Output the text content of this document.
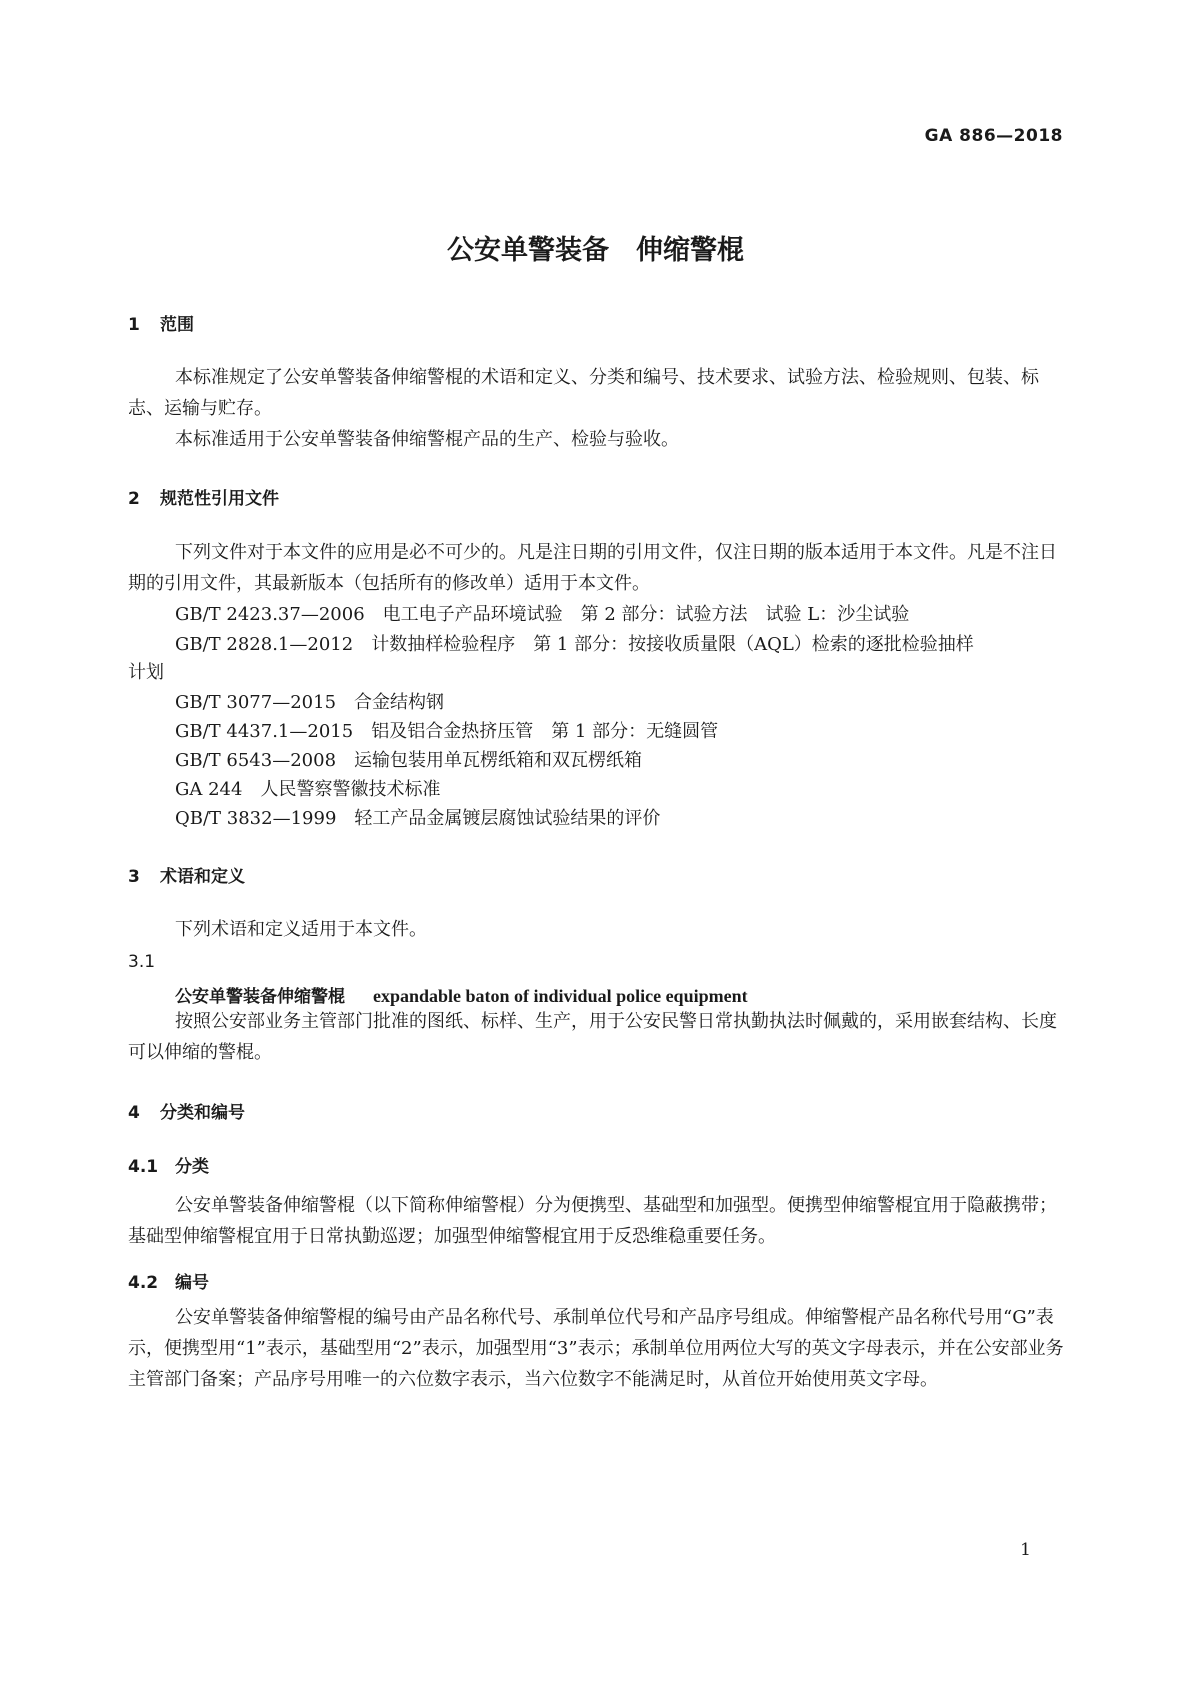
GA 886—2018
公安单警装备　伸缩警棍
1 范围
本标准规定了公安单警装备伸缩警棍的术语和定义、分类和编号、技术要求、试验方法、检验规则、包装、标志、运输与贮存。
本标准适用于公安单警装备伸缩警棍产品的生产、检验与验收。
2 规范性引用文件
下列文件对于本文件的应用是必不可少的。凡是注日期的引用文件，仅注日期的版本适用于本文件。凡是不注日期的引用文件，其最新版本（包括所有的修改单）适用于本文件。
GB/T 2423.37—2006 电工电子产品环境试验　第 2 部分：试验方法　试验 L：沙尘试验
GB/T 2828.1—2012 计数抽样检验程序　第 1 部分：按接收质量限（AQL）检索的逐批检验抽样
计划
GB/T 3077—2015 合金结构钢
GB/T 4437.1—2015 铝及铝合金热挤压管　第 1 部分：无缝圆管
GB/T 6543—2008 运输包装用单瓦楞纸箱和双瓦楞纸箱
GA 244 人民警察警徽技术标准
QB/T 3832—1999 轻工产品金属镀层腐蚀试验结果的评价
3 术语和定义
下列术语和定义适用于本文件。
3.1
公安单警装备伸缩警棍 expandable baton of individual police equipment
按照公安部业务主管部门批准的图纸、标样、生产，用于公安民警日常执勤执法时佩戴的，采用嵌套结构、长度可以伸缩的警棍。
4 分类和编号
4.1 分类
公安单警装备伸缩警棍（以下简称伸缩警棍）分为便携型、基础型和加强型。便携型伸缩警棍宜用于隐蔽携带；基础型伸缩警棍宜用于日常执勤巡逻；加强型伸缩警棍宜用于反恐维稳重要任务。
4.2 编号
公安单警装备伸缩警棍的编号由产品名称代号、承制单位代号和产品序号组成。伸缩警棍产品名称代号用“G”表示，便携型用“1”表示，基础型用“2”表示，加强型用“3”表示；承制单位用两位大写的英文字母表示，并在公安部业务主管部门备案；产品序号用唯一的六位数字表示，当六位数字不能满足时，从首位开始使用英文字母。
1
